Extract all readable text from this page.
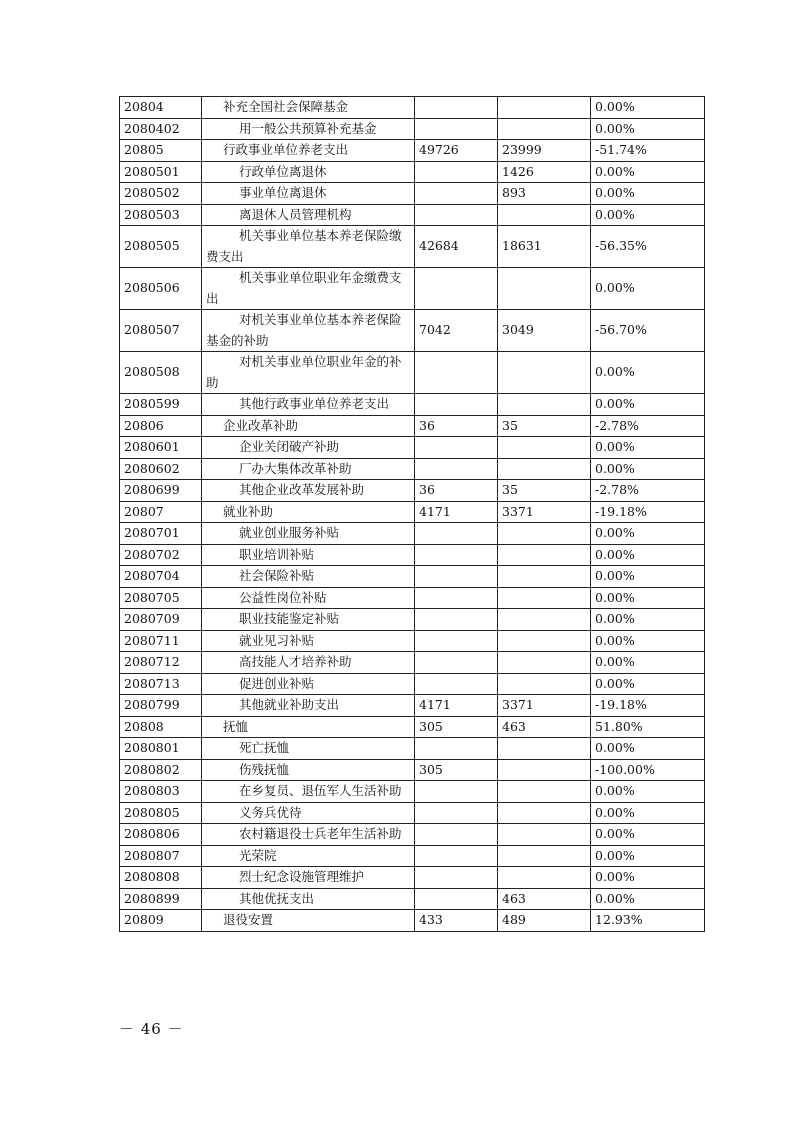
20804	补充全国社会保障基金			0.00%
2080402	用一般公共预算补充基金			0.00%
20805	行政事业单位养老支出	49726	23999	-51.74%
2080501	行政单位离退休		1426	0.00%
2080502	事业单位离退休		893	0.00%
2080503	离退休人员管理机构			0.00%
2080505	机关事业单位基本养老保险缴费支出	42684	18631	-56.35%
2080506	机关事业单位职业年金缴费支出			0.00%
2080507	对机关事业单位基本养老保险基金的补助	7042	3049	-56.70%
2080508	对机关事业单位职业年金的补助			0.00%
2080599	其他行政事业单位养老支出			0.00%
20806	企业改革补助	36	35	-2.78%
2080601	企业关闭破产补助			0.00%
2080602	厂办大集体改革补助			0.00%
2080699	其他企业改革发展补助	36	35	-2.78%
20807	就业补助	4171	3371	-19.18%
2080701	就业创业服务补贴			0.00%
2080702	职业培训补贴			0.00%
2080704	社会保险补贴			0.00%
2080705	公益性岗位补贴			0.00%
2080709	职业技能鉴定补贴			0.00%
2080711	就业见习补贴			0.00%
2080712	高技能人才培养补助			0.00%
2080713	促进创业补贴			0.00%
2080799	其他就业补助支出	4171	3371	-19.18%
20808	抚恤	305	463	51.80%
2080801	死亡抚恤			0.00%
2080802	伤残抚恤	305		-100.00%
2080803	在乡复员、退伍军人生活补助			0.00%
2080805	义务兵优待			0.00%
2080806	农村籍退役士兵老年生活补助			0.00%
2080807	光荣院			0.00%
2080808	烈士纪念设施管理维护			0.00%
2080899	其他优抚支出		463	0.00%
20809	退役安置	433	489	12.93%
－ 46 －
